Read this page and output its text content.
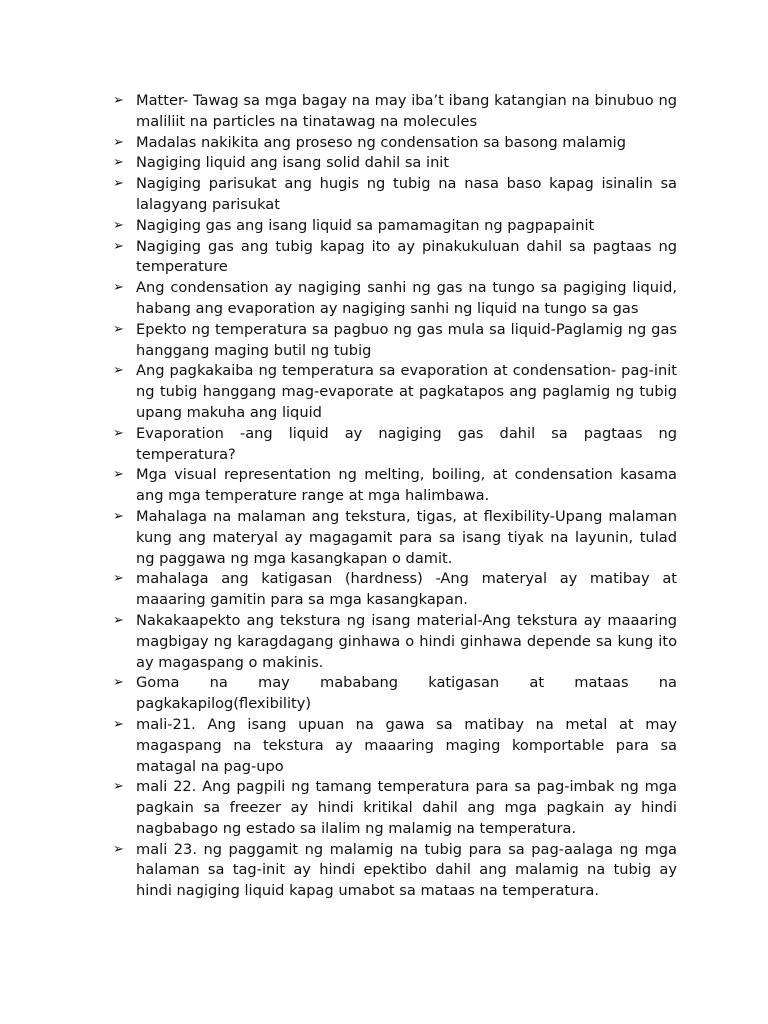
➢ Matter- Tawag sa mga bagay na may iba’t ibang katangian na binubuo ng maliliit na particles na tinatawag na molecules
➢ Madalas nakikita ang proseso ng condensation sa basong malamig
➢ Nagiging liquid ang isang solid dahil sa init
➢ Nagiging parisukat ang hugis ng tubig na nasa baso kapag isinalin sa lalagyang parisukat
➢ Nagiging gas ang isang liquid sa pamamagitan ng pagpapainit
➢ Nagiging gas ang tubig kapag ito ay pinakukuluan dahil sa pagtaas ng temperature
➢ Ang condensation ay nagiging sanhi ng gas na tungo sa pagiging liquid, habang ang evaporation ay nagiging sanhi ng liquid na tungo sa gas
➢ Epekto ng temperatura sa pagbuo ng gas mula sa liquid-Paglamig ng gas hanggang maging butil ng tubig
➢ Ang pagkakaiba ng temperatura sa evaporation at condensation- pag-init ng tubig hanggang mag-evaporate at pagkatapos ang paglamig ng tubig upang makuha ang liquid
➢ Evaporation -ang liquid ay nagiging gas dahil sa pagtaas ng temperatura?
➢ Mga visual representation ng melting, boiling, at condensation kasama ang mga temperature range at mga halimbawa.
➢ Mahalaga na malaman ang tekstura, tigas, at flexibility-Upang malaman kung ang materyal ay magagamit para sa isang tiyak na layunin, tulad ng paggawa ng mga kasangkapan o damit.
➢ mahalaga ang katigasan (hardness) -Ang materyal ay matibay at maaaring gamitin para sa mga kasangkapan.
➢ Nakakaapekto ang tekstura ng isang material-Ang tekstura ay maaaring magbigay ng karagdagang ginhawa o hindi ginhawa depende sa kung ito ay magaspang o makinis.
➢ Goma na may mababang katigasan at mataas na pagkakapilog(flexibility)
➢ mali-21. Ang isang upuan na gawa sa matibay na metal at may magaspang na tekstura ay maaaring maging komportable para sa matagal na pag-upo
➢ mali 22. Ang pagpili ng tamang temperatura para sa pag-imbak ng mga pagkain sa freezer ay hindi kritikal dahil ang mga pagkain ay hindi nagbabago ng estado sa ilalim ng malamig na temperatura.
➢ mali 23. ng paggamit ng malamig na tubig para sa pag-aalaga ng mga halaman sa tag-init ay hindi epektibo dahil ang malamig na tubig ay hindi nagiging liquid kapag umabot sa mataas na temperatura.
